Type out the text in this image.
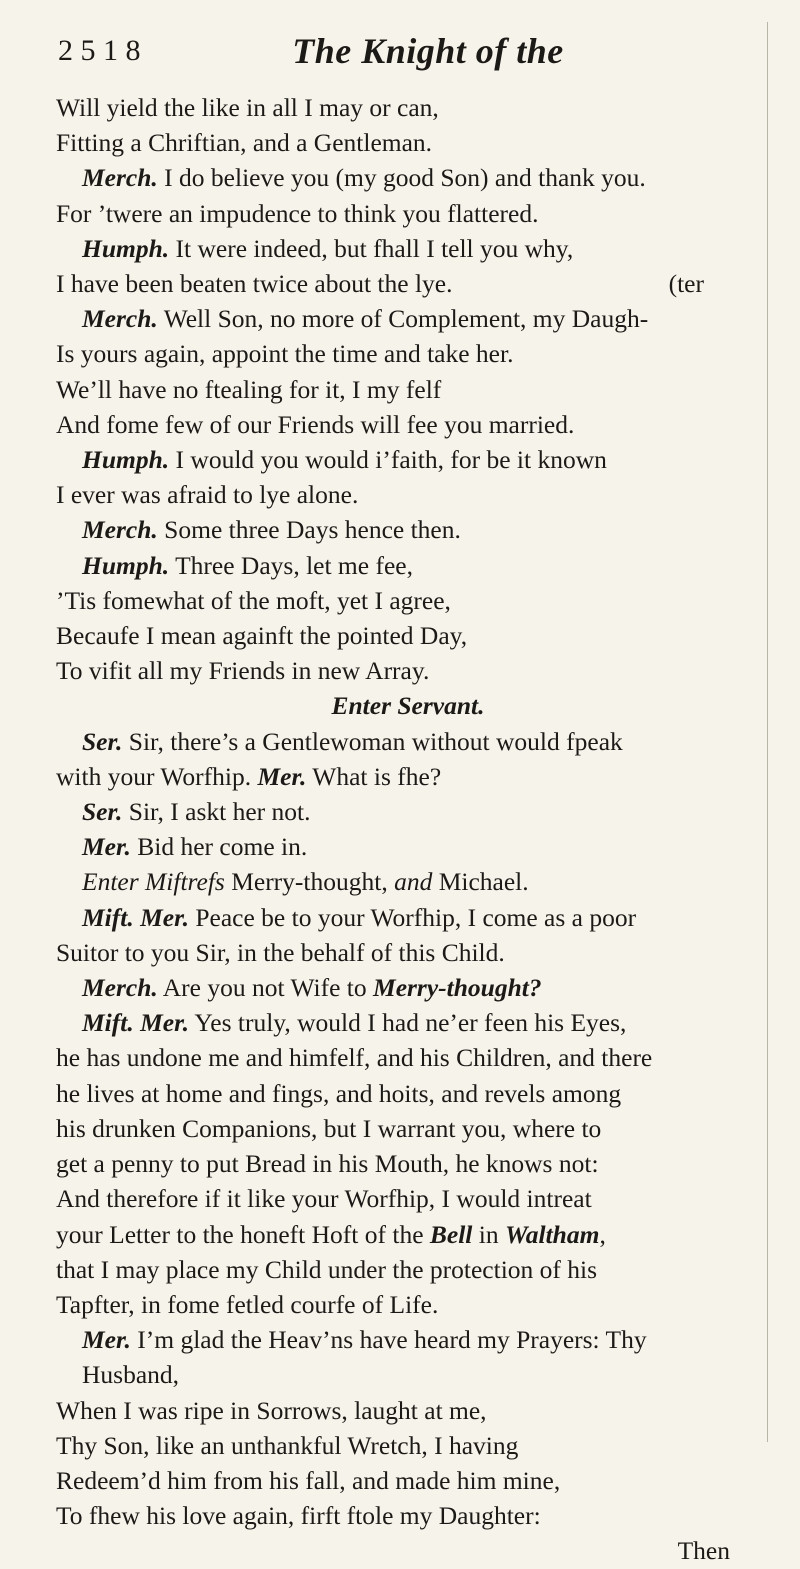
2 5 1 8	The Knight of the
Will yield the like in all I may or can,
Fitting a Chriftian, and a Gentleman.
Merch. I do believe you (my good Son) and thank you.
For ’twere an impudence to think you flattered.
Humph. It were indeed, but fhall I tell you why,
I have been beaten twice about the lye.	(ter
Merch. Well Son, no more of Complement, my Daugh-
Is yours again, appoint the time and take her.
We’ll have no ftealing for it, I my felf
And fome few of our Friends will fee you married.
Humph. I would you would i’faith, for be it known
I ever was afraid to lye alone.
Merch. Some three Days hence then.
Humph. Three Days, let me fee,
’Tis fomewhat of the moft, yet I agree,
Becaufe I mean againft the pointed Day,
To vifit all my Friends in new Array.
Enter Servant.
Ser. Sir, there’s a Gentlewoman without would fpeak
with your Worfhip. Mer. What is fhe?
Ser. Sir, I askt her not.
Mer. Bid her come in.
Enter Miftrefs Merry-thought, and Michael.
Mift. Mer. Peace be to your Worfhip, I come as a poor
Suitor to you Sir, in the behalf of this Child.
Merch. Are you not Wife to Merry-thought?
Mift. Mer. Yes truly, would I had ne’er feen his Eyes,
he has undone me and himfelf, and his Children, and there
he lives at home and fings, and hoits, and revels among
his drunken Companions, but I warrant you, where to
get a penny to put Bread in his Mouth, he knows not:
And therefore if it like your Worfhip, I would intreat
your Letter to the honeft Hoft of the Bell in Waltham,
that I may place my Child under the protection of his
Tapfter, in fome fetled courfe of Life.
Mer. I’m glad the Heav’ns have heard my Prayers: Thy
Husband,
When I was ripe in Sorrows, laught at me,
Thy Son, like an unthankful Wretch, I having
Redeem’d him from his fall, and made him mine,
To fhew his love again, firft ftole my Daughter:
Then
